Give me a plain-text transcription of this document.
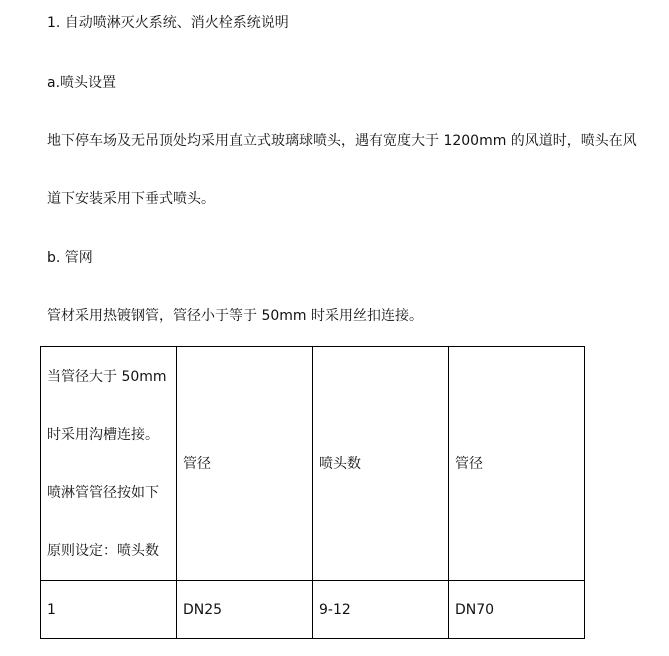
1. 自动喷淋灭火系统、消火栓系统说明
a.喷头设置
地下停车场及无吊顶处均采用直立式玻璃球喷头，遇有宽度大于 1200mm 的风道时，喷头在风
道下安装采用下垂式喷头。
b. 管网
管材采用热镀钢管，管径小于等于 50mm 时采用丝扣连接。
当管径大于 50mm
时采用沟槽连接。
喷淋管管径按如下
原则设定：喷头数	管径	喷头数	管径
1	DN25	9-12	DN70
